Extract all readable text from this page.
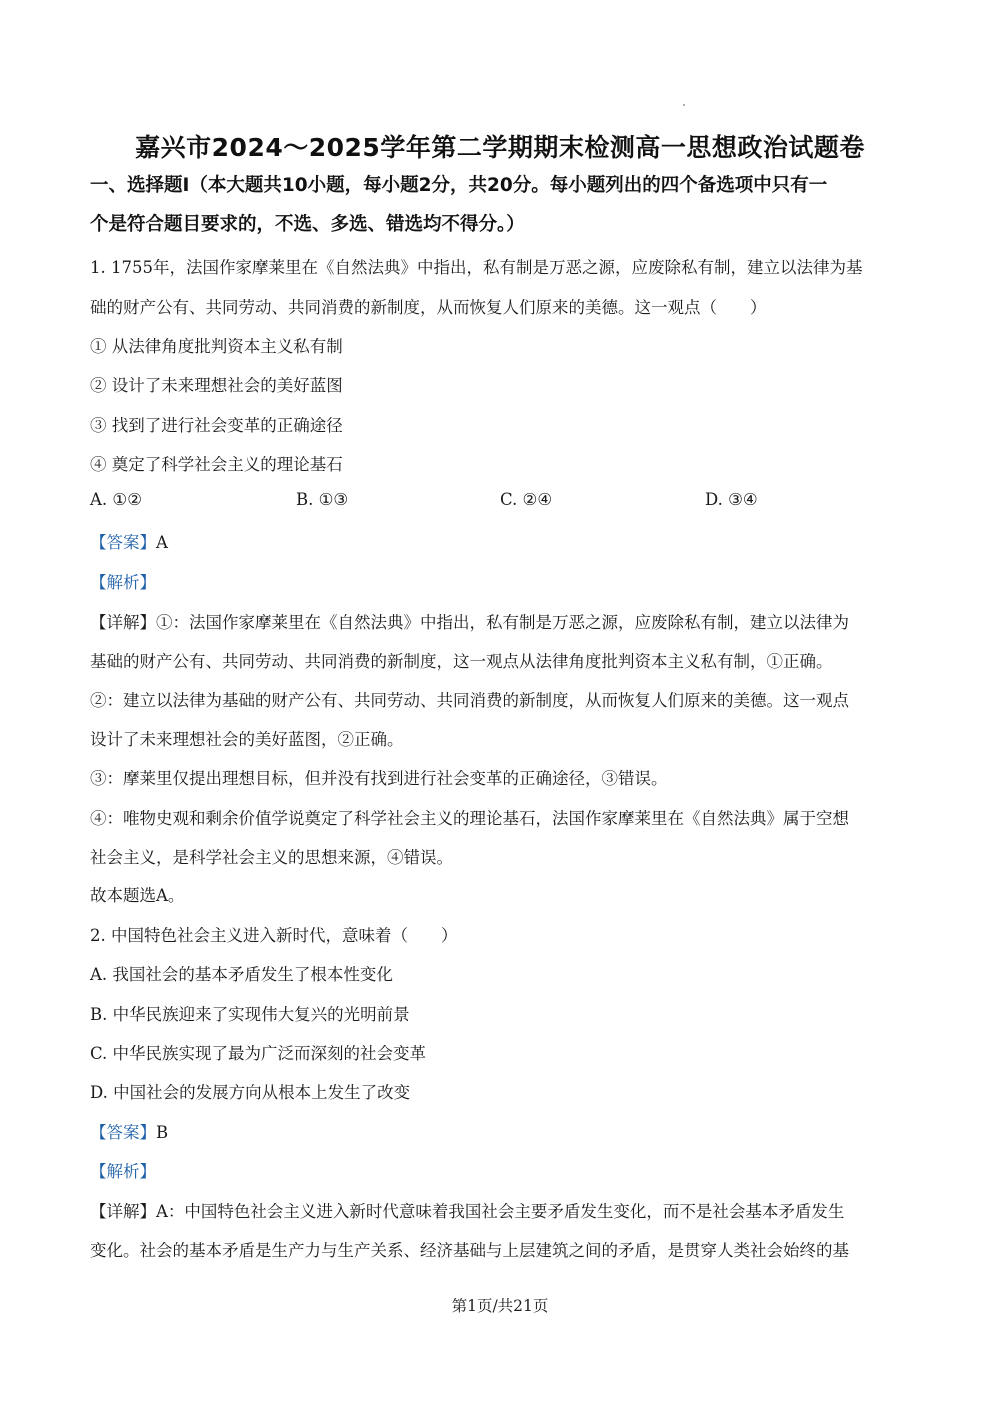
嘉兴市2024～2025学年第二学期期末检测高一思想政治试题卷
一、选择题Ⅰ（本大题共10小题，每小题2分，共20分。每小题列出的四个备选项中只有一
个是符合题目要求的，不选、多选、错选均不得分。）
1. 1755年，法国作家摩莱里在《自然法典》中指出，私有制是万恶之源，应废除私有制，建立以法律为基
础的财产公有、共同劳动、共同消费的新制度，从而恢复人们原来的美德。这一观点（　　）
① 从法律角度批判资本主义私有制
② 设计了未来理想社会的美好蓝图
③ 找到了进行社会变革的正确途径
④ 奠定了科学社会主义的理论基石
A. ①②	B. ①③	C. ②④	D. ③④
【答案】A
【解析】
【详解】①：法国作家摩莱里在《自然法典》中指出，私有制是万恶之源，应废除私有制，建立以法律为
基础的财产公有、共同劳动、共同消费的新制度，这一观点从法律角度批判资本主义私有制，①正确。
②：建立以法律为基础的财产公有、共同劳动、共同消费的新制度，从而恢复人们原来的美德。这一观点
设计了未来理想社会的美好蓝图，②正确。
③：摩莱里仅提出理想目标，但并没有找到进行社会变革的正确途径，③错误。
④：唯物史观和剩余价值学说奠定了科学社会主义的理论基石，法国作家摩莱里在《自然法典》属于空想
社会主义，是科学社会主义的思想来源，④错误。
故本题选A。
2. 中国特色社会主义进入新时代，意味着（　　）
A. 我国社会的基本矛盾发生了根本性变化
B. 中华民族迎来了实现伟大复兴的光明前景
C. 中华民族实现了最为广泛而深刻的社会变革
D. 中国社会的发展方向从根本上发生了改变
【答案】B
【解析】
【详解】A：中国特色社会主义进入新时代意味着我国社会主要矛盾发生变化，而不是社会基本矛盾发生
变化。社会的基本矛盾是生产力与生产关系、经济基础与上层建筑之间的矛盾，是贯穿人类社会始终的基
第1页/共21页
